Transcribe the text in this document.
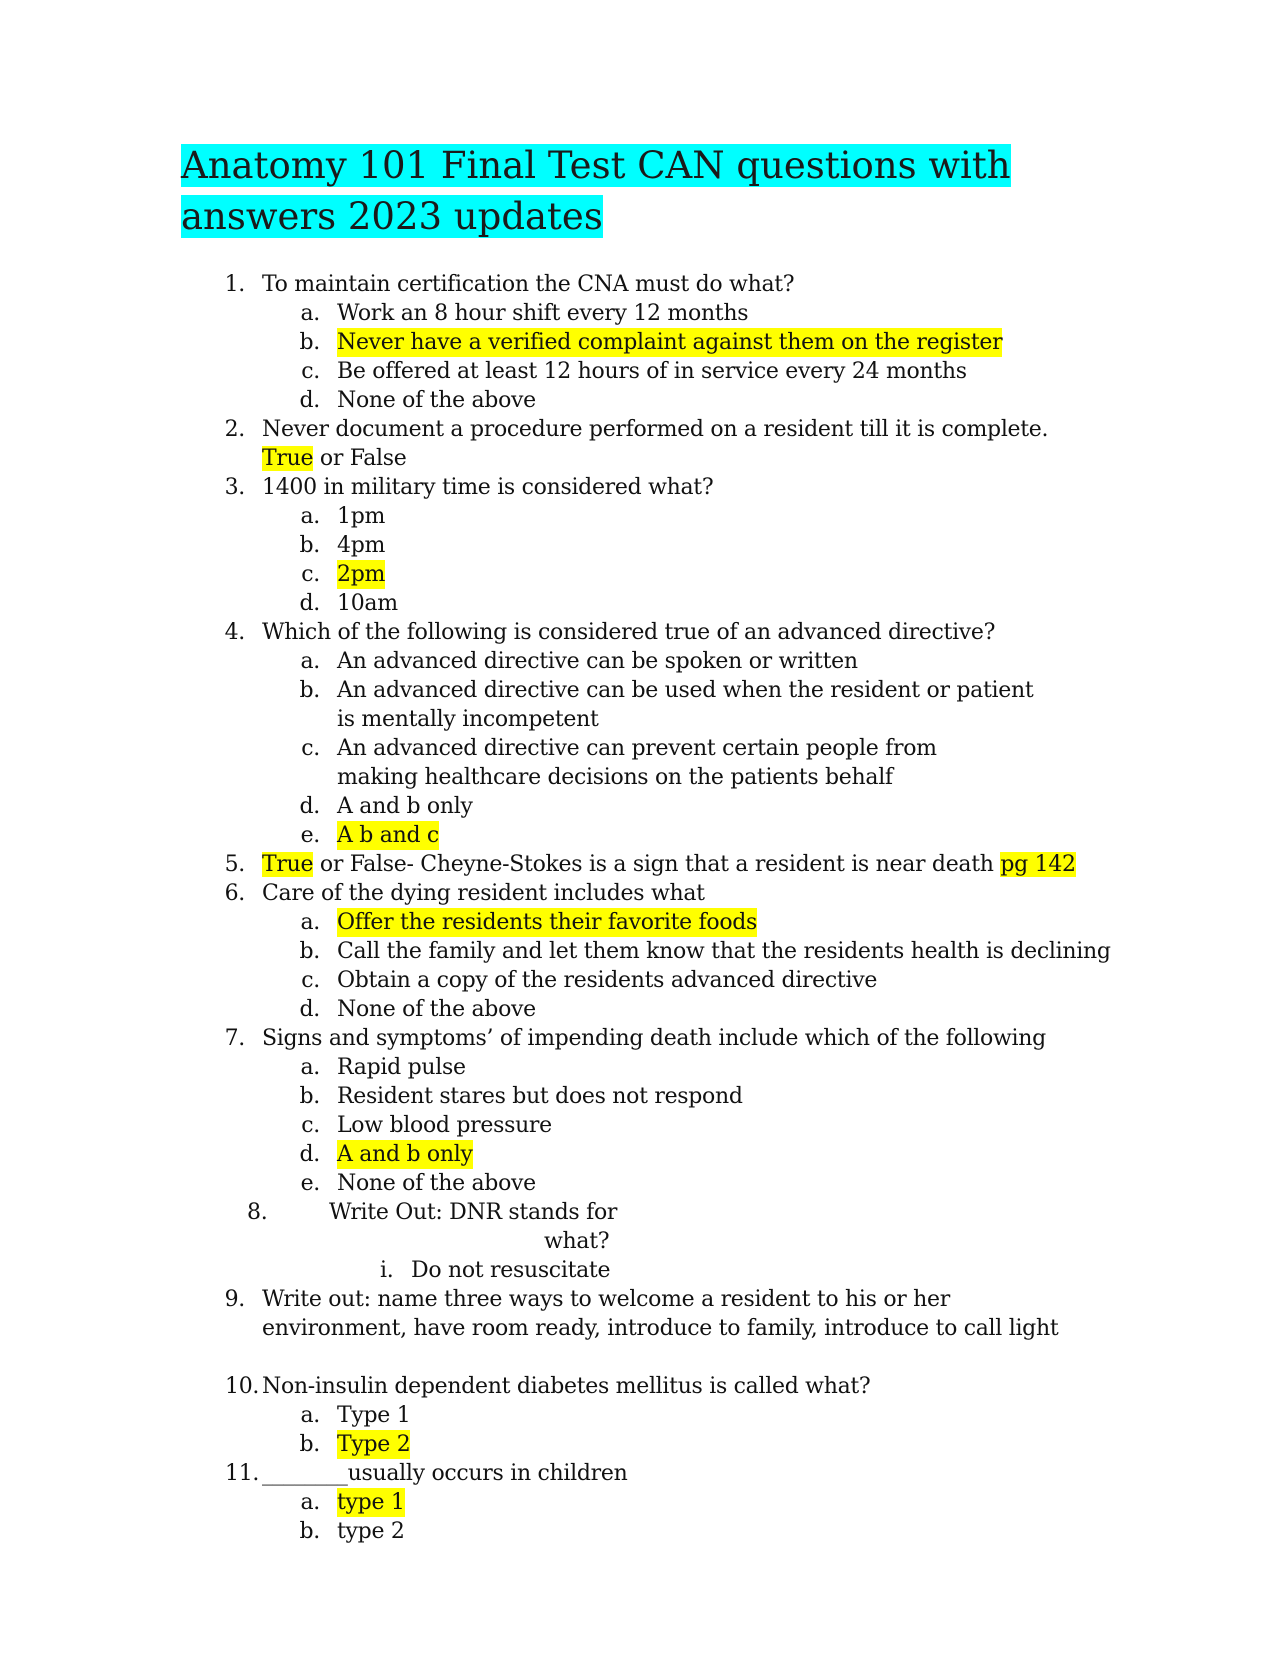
Anatomy 101 Final Test CAN questions with
answers 2023 updates
1. To maintain certification the CNA must do what?
a. Work an 8 hour shift every 12 months
b. Never have a verified complaint against them on the register
c. Be offered at least 12 hours of in service every 24 months
d. None of the above
2. Never document a procedure performed on a resident till it is complete.
True or False
3. 1400 in military time is considered what?
a. 1pm
b. 4pm
c. 2pm
d. 10am
4. Which of the following is considered true of an advanced directive?
a. An advanced directive can be spoken or written
b. An advanced directive can be used when the resident or patient
is mentally incompetent
c. An advanced directive can prevent certain people from
making healthcare decisions on the patients behalf
d. A and b only
e. A b and c
5. True or False- Cheyne-Stokes is a sign that a resident is near death pg 142
6. Care of the dying resident includes what
a. Offer the residents their favorite foods
b. Call the family and let them know that the residents health is declining
c. Obtain a copy of the residents advanced directive
d. None of the above
7. Signs and symptoms’ of impending death include which of the following
a. Rapid pulse
b. Resident stares but does not respond
c. Low blood pressure
d. A and b only
e. None of the above
8.	Write Out: DNR stands for
what?
i. Do not resuscitate
9. Write out: name three ways to welcome a resident to his or her
environment, have room ready, introduce to family, introduce to call light
10. Non-insulin dependent diabetes mellitus is called what?
a. Type 1
b. Type 2
11. ________usually occurs in children
a. type 1
b. type 2
